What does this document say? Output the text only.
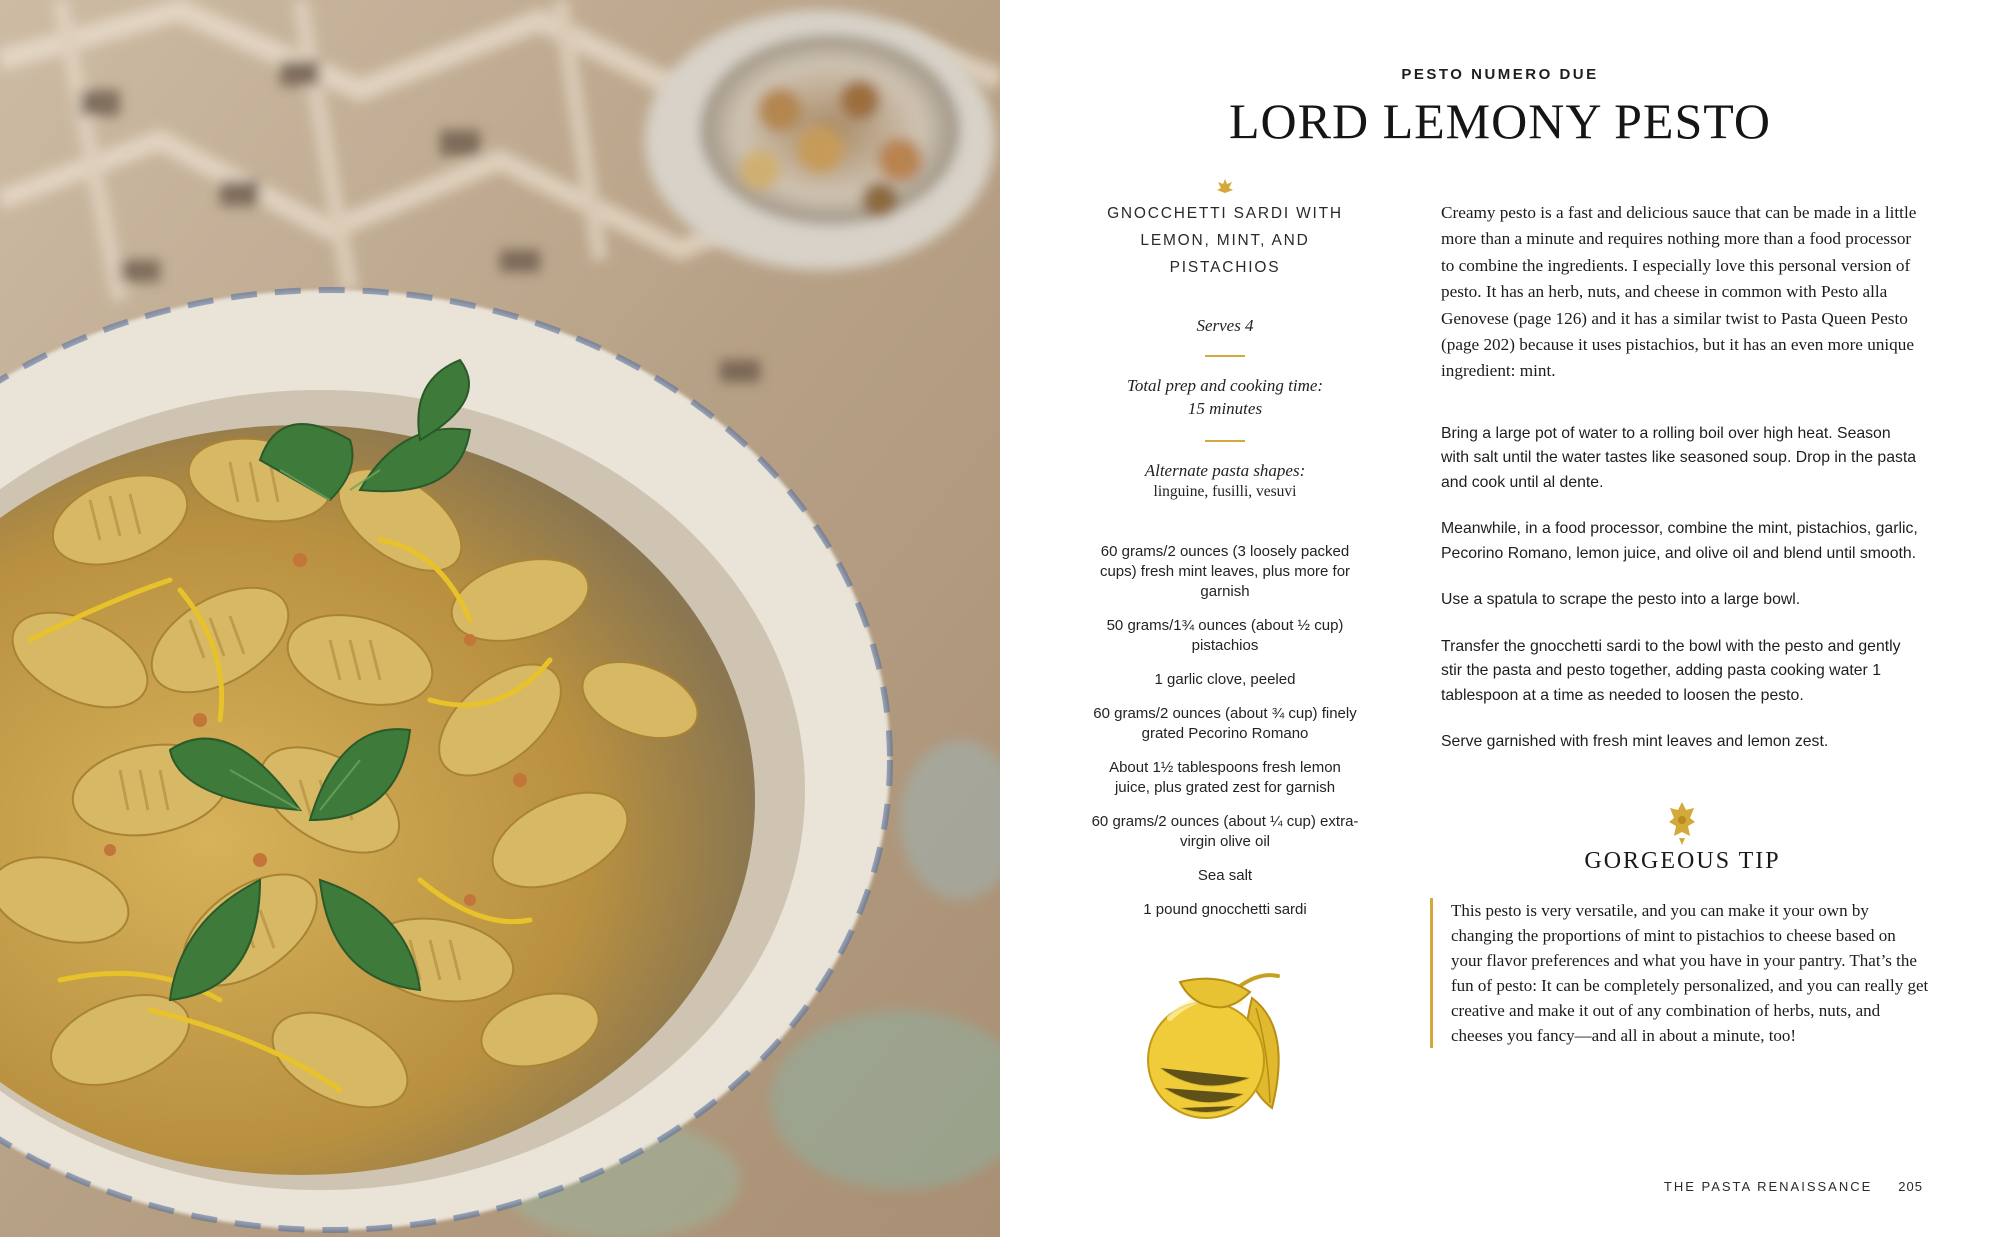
PESTO NUMERO DUE
LORD LEMONY PESTO
GNOCCHETTI SARDI WITH LEMON, MINT, AND PISTACHIOS
Serves 4
Total prep and cooking time:
15 minutes
Alternate pasta shapes:
linguine, fusilli, vesuvi
60 grams/2 ounces (3 loosely packed cups) fresh mint leaves, plus more for garnish
50 grams/1¾ ounces (about ½ cup) pistachios
1 garlic clove, peeled
60 grams/2 ounces (about ¾ cup) finely grated Pecorino Romano
About 1½ tablespoons fresh lemon juice, plus grated zest for garnish
60 grams/2 ounces (about ¼ cup) extra-virgin olive oil
Sea salt
1 pound gnocchetti sardi

Creamy pesto is a fast and delicious sauce that can be made in a little more than a minute and requires nothing more than a food processor to combine the ingredients. I especially love this personal version of pesto. It has an herb, nuts, and cheese in common with Pesto alla Genovese (page 126) and it has a similar twist to Pasta Queen Pesto (page 202) because it uses pistachios, but it has an even more unique ingredient: mint.

Bring a large pot of water to a rolling boil over high heat. Season with salt until the water tastes like seasoned soup. Drop in the pasta and cook until al dente.

Meanwhile, in a food processor, combine the mint, pistachios, garlic, Pecorino Romano, lemon juice, and olive oil and blend until smooth.

Use a spatula to scrape the pesto into a large bowl.

Transfer the gnocchetti sardi to the bowl with the pesto and gently stir the pasta and pesto together, adding pasta cooking water 1 tablespoon at a time as needed to loosen the pesto.

Serve garnished with fresh mint leaves and lemon zest.

GORGEOUS TIP

This pesto is very versatile, and you can make it your own by changing the proportions of mint to pistachios to cheese based on your flavor preferences and what you have in your pantry. That’s the fun of pesto: It can be completely personalized, and you can really get creative and make it out of any combination of herbs, nuts, and cheeses you fancy—and all in about a minute, too!

THE PASTA RENAISSANCE 205
